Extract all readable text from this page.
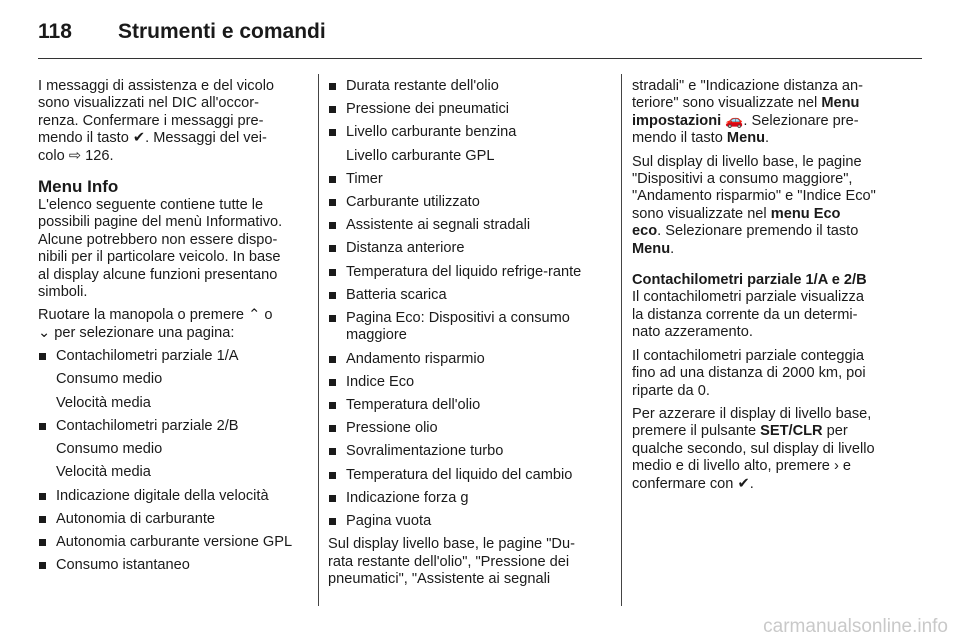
118	Strumenti e comandi

I messaggi di assistenza e del vicolo
sono visualizzati nel DIC all'occor-
renza. Confermare i messaggi pre-
mendo il tasto ✔. Messaggi del vei-
colo ⇨ 126.

Menu Info

L'elenco seguente contiene tutte le
possibili pagine del menù Informativo.
Alcune potrebbero non essere dispo-
nibili per il particolare veicolo. In base
al display alcune funzioni presentano
simboli.

Ruotare la manopola o premere ⌃ o
⌄ per selezionare una pagina:

Contachilometri parziale 1/A
Consumo medio
Velocità media
Contachilometri parziale 2/B
Consumo medio
Velocità media
Indicazione digitale della velocità
Autonomia di carburante
Autonomia carburante versione GPL
Consumo istantaneo
Durata restante dell'olio
Pressione dei pneumatici
Livello carburante benzina
Livello carburante GPL
Timer
Carburante utilizzato
Assistente ai segnali stradali
Distanza anteriore
Temperatura del liquido refrige-rante
Batteria scarica
Pagina Eco: Dispositivi a consumo maggiore
Andamento risparmio
Indice Eco
Temperatura dell'olio
Pressione olio
Sovralimentazione turbo
Temperatura del liquido del cambio
Indicazione forza g
Pagina vuota

Sul display livello base, le pagine "Du-
rata restante dell'olio", "Pressione dei
pneumatici", "Assistente ai segnali

stradali" e "Indicazione distanza an-
teriore" sono visualizzate nel Menu impostazioni 🚗. Selezionare pre-
mendo il tasto Menu.

Sul display di livello base, le pagine
"Dispositivi a consumo maggiore",
"Andamento risparmio" e "Indice Eco"
sono visualizzate nel menu Eco
eco. Selezionare premendo il tasto
Menu.

Contachilometri parziale 1/A e 2/B

Il contachilometri parziale visualizza
la distanza corrente da un determi-
nato azzeramento.

Il contachilometri parziale conteggia
fino ad una distanza di 2000 km, poi
riparte da 0.

Per azzerare il display di livello base,
premere il pulsante SET/CLR per
qualche secondo, sul display di livello
medio e di livello alto, premere › e
confermare con ✔.

carmanualsonline.info
